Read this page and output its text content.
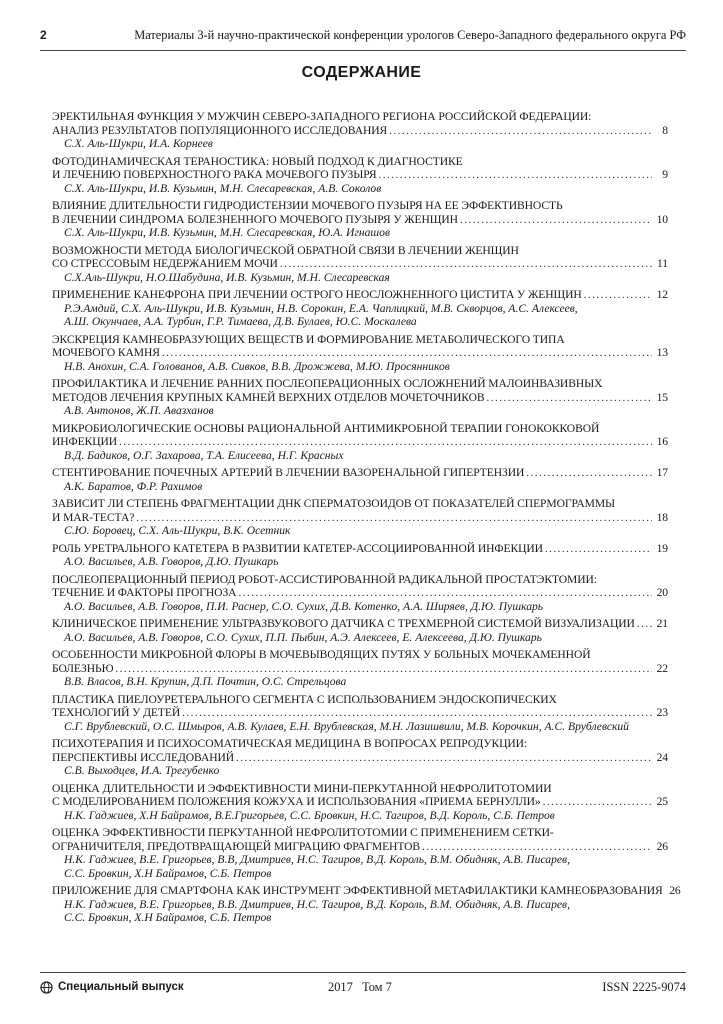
2	Материалы 3-й научно-практической конференции урологов Северо-Западного федерального округа РФ
СОДЕРЖАНИЕ
ЭРЕКТИЛЬНАЯ ФУНКЦИЯ У МУЖЧИН СЕВЕРО-ЗАПАДНОГО РЕГИОНА РОССИЙСКОЙ ФЕДЕРАЦИИ:
АНАЛИЗ РЕЗУЛЬТАТОВ ПОПУЛЯЦИОННОГО ИССЛЕДОВАНИЯ .....	8
С.Х. Аль-Шукри, И.А. Корнеев
ФОТОДИНАМИЧЕСКАЯ ТЕРАНОСТИКА: НОВЫЙ ПОДХОД К ДИАГНОСТИКЕ
И ЛЕЧЕНИЮ ПОВЕРХНОСТНОГО РАКА МОЧЕВОГО ПУЗЫРЯ .....	9
С.Х. Аль-Шукри, И.В. Кузьмин, М.Н. Слесаревская, А.В. Соколов
ВЛИЯНИЕ ДЛИТЕЛЬНОСТИ ГИДРОДИСТЕНЗИИ МОЧЕВОГО ПУЗЫРЯ НА ЕЕ ЭФФЕКТИВНОСТЬ
В ЛЕЧЕНИИ СИНДРОМА БОЛЕЗНЕННОГО МОЧЕВОГО ПУЗЫРЯ У ЖЕНЩИН .....	10
С.Х. Аль-Шукри, И.В. Кузьмин, М.Н. Слесаревская, Ю.А. Игнашов
ВОЗМОЖНОСТИ МЕТОДА БИОЛОГИЧЕСКОЙ ОБРАТНОЙ СВЯЗИ В ЛЕЧЕНИИ ЖЕНЩИН
СО СТРЕССОВЫМ НЕДЕРЖАНИЕМ МОЧИ .....	11
С.Х.Аль-Шукри, Н.О.Шабудина, И.В. Кузьмин, М.Н. Слесаревская
ПРИМЕНЕНИЕ КАНЕФРОНА ПРИ ЛЕЧЕНИИ ОСТРОГО НЕОСЛОЖНЕННОГО ЦИСТИТА У ЖЕНЩИН .....	12
Р.Э.Амдий, С.Х. Аль-Шукри, И.В. Кузьмин, Н.В. Сорокин, Е.А. Чаплицкий, М.В. Скворцов, А.С. Алексеев,
А.Ш. Окунчаев, А.А. Турбин, Г.Р. Тимаева, Д.В. Булаев, Ю.С. Москалева
ЭКСКРЕЦИЯ КАМНЕОБРАЗУЮЩИХ ВЕЩЕСТВ И ФОРМИРОВАНИЕ МЕТАБОЛИЧЕСКОГО ТИПА
МОЧЕВОГО КАМНЯ .....	13
Н.В. Анохин, С.А. Голованов, А.В. Сивков, В.В. Дрожжева, М.Ю. Просянников
ПРОФИЛАКТИКА И ЛЕЧЕНИЕ РАННИХ ПОСЛЕОПЕРАЦИОННЫХ ОСЛОЖНЕНИЙ МАЛОИНВАЗИВНЫХ
МЕТОДОВ ЛЕЧЕНИЯ КРУПНЫХ КАМНЕЙ ВЕРХНИХ ОТДЕЛОВ МОЧЕТОЧНИКОВ .....	15
А.В. Антонов, Ж.П. Авазханов
МИКРОБИОЛОГИЧЕСКИЕ ОСНОВЫ РАЦИОНАЛЬНОЙ АНТИМИКРОБНОЙ ТЕРАПИИ ГОНОКОККОВОЙ
ИНФЕКЦИИ .....	16
В.Д. Бадиков, О.Г. Захарова, Т.А. Елисеева, Н.Г. Красных
СТЕНТИРОВАНИЕ ПОЧЕЧНЫХ АРТЕРИЙ В ЛЕЧЕНИИ ВАЗОРЕНАЛЬНОЙ ГИПЕРТЕНЗИИ .....	17
А.К. Баратов, Ф.Р. Рахимов
ЗАВИСИТ ЛИ СТЕПЕНЬ ФРАГМЕНТАЦИИ ДНК СПЕРМАТОЗОИДОВ ОТ ПОКАЗАТЕЛЕЙ СПЕРМОГРАММЫ
И MAR-ТЕСТА? .....	18
С.Ю. Боровец, С.Х. Аль-Шукри, В.К. Осетник
РОЛЬ УРЕТРАЛЬНОГО КАТЕТЕРА В РАЗВИТИИ КАТЕТЕР-АССОЦИИРОВАННОЙ ИНФЕКЦИИ .....	19
А.О. Васильев, А.В. Говоров, Д.Ю. Пушкарь
ПОСЛЕОПЕРАЦИОННЫЙ ПЕРИОД РОБОТ-АССИСТИРОВАННОЙ РАДИКАЛЬНОЙ ПРОСТАТЭКТОМИИ:
ТЕЧЕНИЕ И ФАКТОРЫ ПРОГНОЗА .....	20
А.О. Васильев, А.В. Говоров, П.И. Раснер, С.О. Сухих, Д.В. Котенко, А.А. Ширяев, Д.Ю. Пушкарь
КЛИНИЧЕСКОЕ ПРИМЕНЕНИЕ УЛЬТРАЗВУКОВОГО ДАТЧИКА С ТРЕХМЕРНОЙ СИСТЕМОЙ ВИЗУАЛИЗАЦИИ ..... 21
А.О. Васильев, А.В. Говоров, С.О. Сухих, П.П. Пыбин, А.Э. Алексеев, Е. Алексеева, Д.Ю. Пушкарь
ОСОБЕННОСТИ МИКРОБНОЙ ФЛОРЫ В МОЧЕВЫВОДЯЩИХ ПУТЯХ У БОЛЬНЫХ МОЧЕКАМЕННОЙ
БОЛЕЗНЬЮ .....	22
В.В. Власов, В.Н. Крупин, Д.П. Почтин, О.С. Стрельцова
ПЛАСТИКА ПИЕЛОУРЕТЕРАЛЬНОГО СЕГМЕНТА С ИСПОЛЬЗОВАНИЕМ ЭНДОСКОПИЧЕСКИХ
ТЕХНОЛОГИЙ У ДЕТЕЙ .....	23
С.Г. Врублевский, О.С. Шмыров, А.В. Кулаев, Е.Н. Врублевская, М.Н. Лазишвили, М.В. Корочкин, А.С. Врублевский
ПСИХОТЕРАПИЯ И ПСИХОСОМАТИЧЕСКАЯ МЕДИЦИНА В ВОПРОСАХ РЕПРОДУКЦИИ:
ПЕРСПЕКТИВЫ ИССЛЕДОВАНИЙ .....	24
С.В. Выходцев, И.А. Трегубенко
ОЦЕНКА ДЛИТЕЛЬНОСТИ И ЭФФЕКТИВНОСТИ МИНИ-ПЕРКУТАННОЙ НЕФРОЛИТОТОМИИ
С МОДЕЛИРОВАНИЕМ ПОЛОЖЕНИЯ КОЖУХА И ИСПОЛЬЗОВАНИЯ «ПРИЕМА БЕРНУЛЛИ» .....	25
Н.К. Гаджиев, Х.Н Байрамов, В.Е.Григорьев, С.С. Бровкин, Н.С. Тагиров, В.Д. Король, С.Б. Петров
ОЦЕНКА ЭФФЕКТИВНОСТИ ПЕРКУТАННОЙ НЕФРОЛИТОТОМИИ С ПРИМЕНЕНИЕМ СЕТКИ-
ОГРАНИЧИТЕЛЯ, ПРЕДОТВРАЩАЮЩЕЙ МИГРАЦИЮ ФРАГМЕНТОВ .....	26
Н.К. Гаджиев, В.Е. Григорьев, В.В, Дмитриев, Н.С. Тагиров, В.Д. Король, В.М. Обидняк, А.В. Писарев,
С.С. Бровкин, Х.Н Байрамов, С.Б. Петров
ПРИЛОЖЕНИЕ ДЛЯ СМАРТФОНА КАК ИНСТРУМЕНТ ЭФФЕКТИВНОЙ МЕТАФИЛАКТИКИ КАМНЕОБРАЗОВАНИЯ 26
Н.К. Гаджиев, В.Е. Григорьев, В.В. Дмитриев, Н.С. Тагиров, В.Д. Король, В.М. Обидняк, А.В. Писарев,
С.С. Бровкин, Х.Н Байрамов, С.Б. Петров
Специальный выпуск	2017   Том 7	ISSN 2225-9074
